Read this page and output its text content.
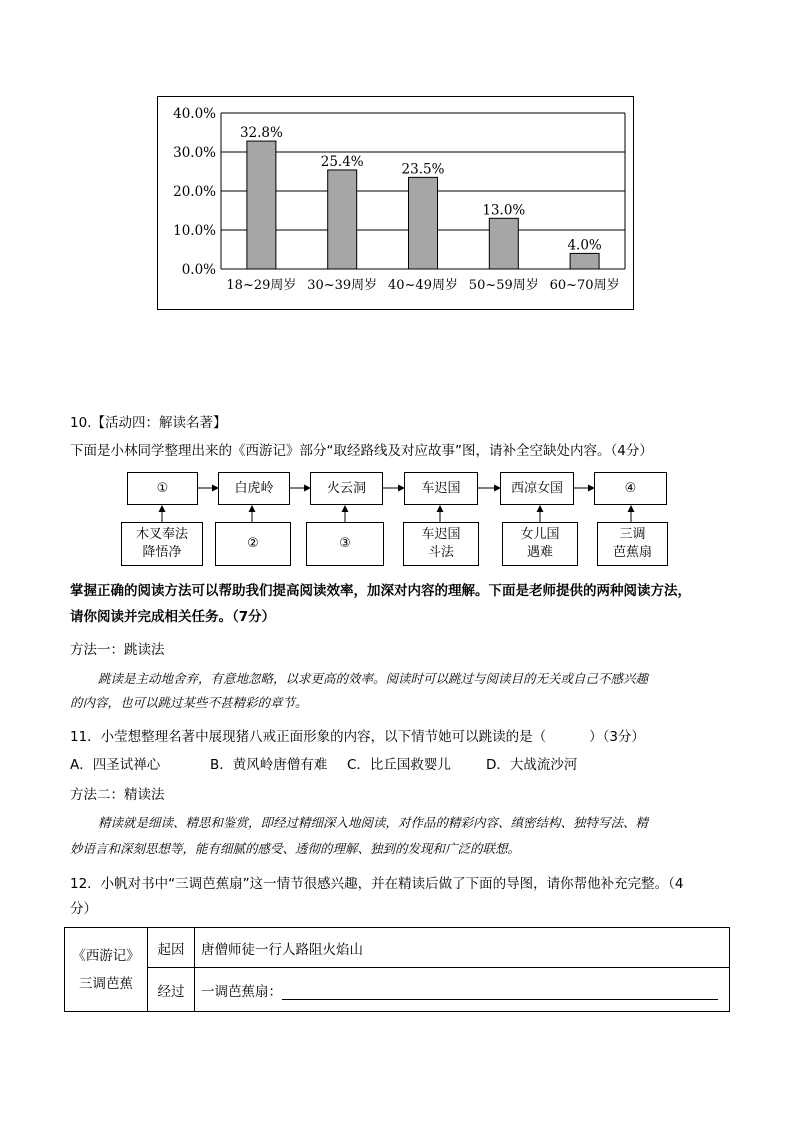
0.0%
10.0%
20.0%
30.0%
40.0%
32.8%
18~29周岁
25.4%
30~39周岁
23.5%
40~49周岁
13.0%
50~59周岁
4.0%
60~70周岁
10.【活动四：解读名著】
下面是小林同学整理出来的《西游记》部分“取经路线及对应故事”图，请补全空缺处内容。（4分）
①	白虎岭	火云洞	车迟国	西凉女国	④
木叉奉法
降悟净
②	③
车迟国
斗法
女儿国
遇难
三调
芭蕉扇
掌握正确的阅读方法可以帮助我们提高阅读效率，加深对内容的理解。下面是老师提供的两种阅读方法，
请你阅读并完成相关任务。（7分）
方法一：跳读法
跳读是主动地舍弃，有意地忽略，以求更高的效率。阅读时可以跳过与阅读目的无关或自己不感兴趣
的内容，也可以跳过某些不甚精彩的章节。
11．小莹想整理名著中展现猪八戒正面形象的内容，以下情节她可以跳读的是（          ）（3分）
A．四圣试禅心	B．黄风岭唐僧有难 C．比丘国救婴儿	D．大战流沙河
方法二：精读法
精读就是细读、精思和鉴赏，即经过精细深入地阅读，对作品的精彩内容、缜密结构、独特写法、精
妙语言和深刻思想等，能有细腻的感受、透彻的理解、独到的发现和广泛的联想。
12．小帆对书中“三调芭蕉扇”这一情节很感兴趣，并在精读后做了下面的导图，请你帮他补充完整。（4
分）
《西游记》
三调芭蕉	起因	唐僧师徒一行人路阻火焰山
	经过	一调芭蕉扇：
